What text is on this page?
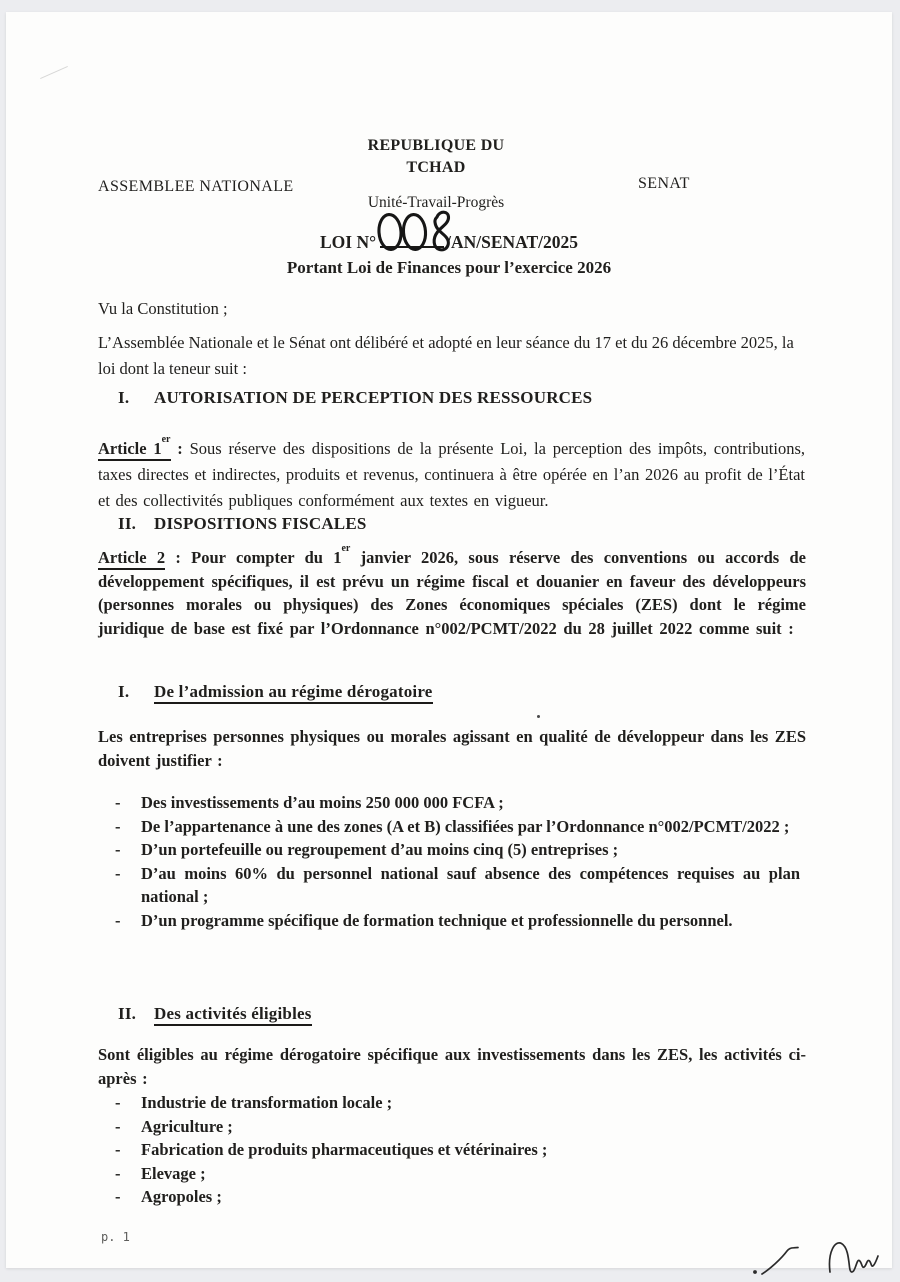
REPUBLIQUE DU
TCHAD
ASSEMBLEE NATIONALE	SENAT
Unité-Travail-Progrès
LOI N°	/AN/SENAT/2025
Portant Loi de Finances pour l’exercice 2026
Vu la Constitution ;
L’Assemblée Nationale et le Sénat ont délibéré et adopté en leur séance du 17 et du 26 décembre 2025, la loi dont la teneur suit :
I. AUTORISATION DE PERCEPTION DES RESSOURCES
Article 1er : Sous réserve des dispositions de la présente Loi, la perception des impôts, contributions, taxes directes et indirectes, produits et revenus, continuera à être opérée en l’an 2026 au profit de l’État et des collectivités publiques conformément aux textes en vigueur.
II. DISPOSITIONS FISCALES
Article 2 : Pour compter du 1er janvier 2026, sous réserve des conventions ou accords de développement spécifiques, il est prévu un régime fiscal et douanier en faveur des développeurs (personnes morales ou physiques) des Zones économiques spéciales (ZES) dont le régime juridique de base est fixé par l’Ordonnance n°002/PCMT/2022 du 28 juillet 2022 comme suit :
I. De l’admission au régime dérogatoire
Les entreprises personnes physiques ou morales agissant en qualité de développeur dans les ZES doivent justifier :
-	Des investissements d’au moins 250 000 000 FCFA ;
-	De l’appartenance à une des zones (A et B) classifiées par l’Ordonnance n°002/PCMT/2022 ;
-	D’un portefeuille ou regroupement d’au moins cinq (5) entreprises ;
-	D’au moins 60% du personnel national sauf absence des compétences requises au plan national ;
-	D’un programme spécifique de formation technique et professionnelle du personnel.
II. Des activités éligibles
Sont éligibles au régime dérogatoire spécifique aux investissements dans les ZES, les activités ci-après :
-	Industrie de transformation locale ;
-	Agriculture ;
-	Fabrication de produits pharmaceutiques et vétérinaires ;
-	Elevage ;
-	Agropoles ;
p. 1
